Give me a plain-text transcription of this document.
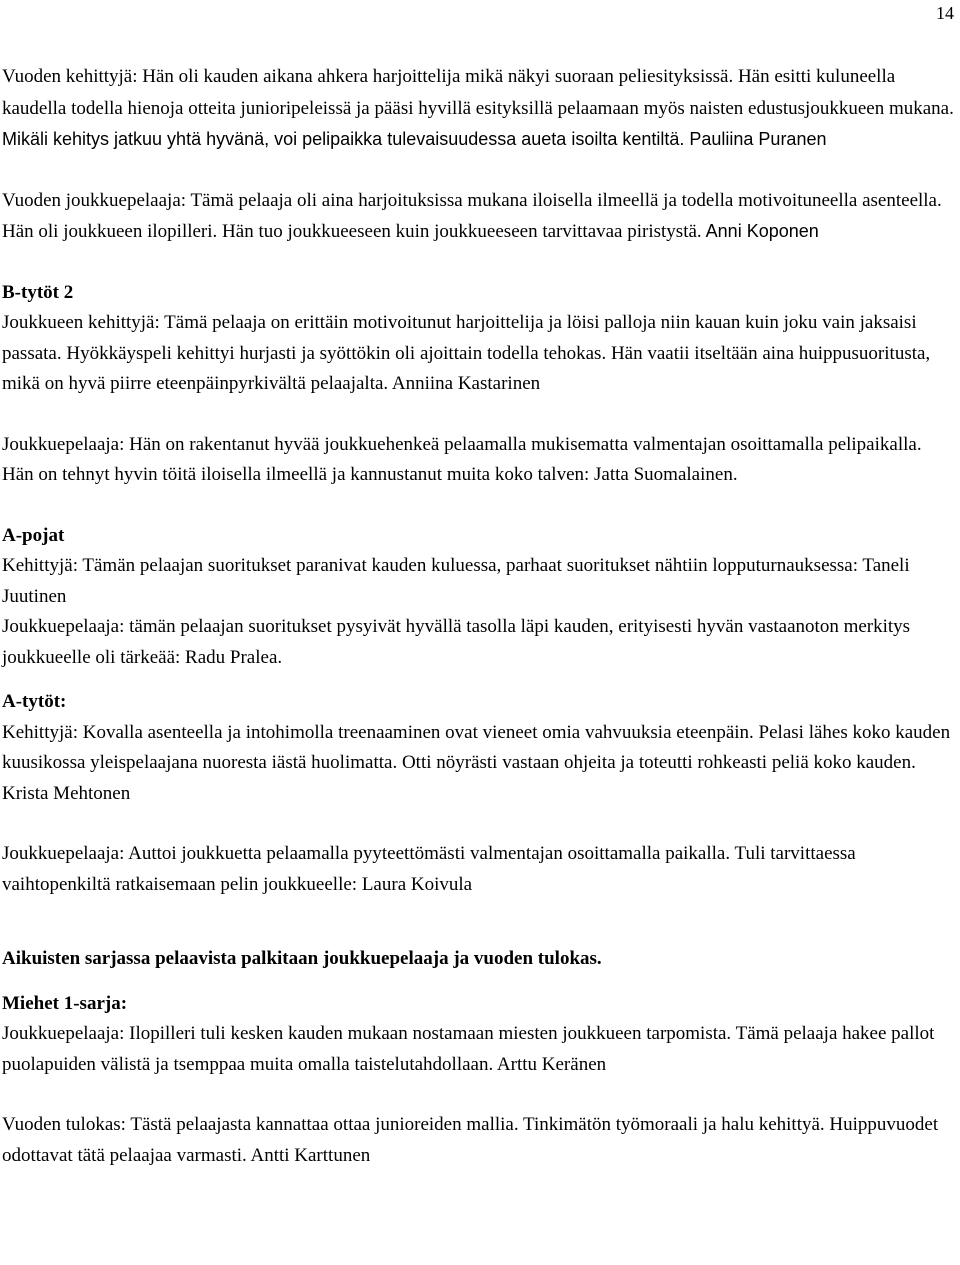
14

Vuoden kehittyjä: Hän oli kauden aikana ahkera harjoittelija mikä näkyi suoraan peliesityksissä. Hän esitti kuluneella kaudella todella hienoja otteita junioripeleissä ja pääsi hyvillä esityksillä pelaamaan myös naisten edustusjoukkueen mukana. Mikäli kehitys jatkuu yhtä hyvänä, voi pelipaikka tulevaisuudessa aueta isoilta kentiltä. Pauliina Puranen

Vuoden joukkuepelaaja: Tämä pelaaja oli aina harjoituksissa mukana iloisella ilmeellä ja todella motivoituneella asenteella. Hän oli joukkueen ilopilleri. Hän tuo joukkueeseen kuin joukkueeseen tarvittavaa piristystä. Anni Koponen

B-tytöt 2

Joukkueen kehittyjä: Tämä pelaaja on erittäin motivoitunut harjoittelija ja löisi palloja niin kauan kuin joku vain jaksaisi passata. Hyökkäyspeli kehittyi hurjasti ja syöttökin oli ajoittain todella tehokas. Hän vaatii itseltään aina huippusuoritusta, mikä on hyvä piirre eteenpäinpyrkivältä pelaajalta. Anniina Kastarinen

Joukkuepelaaja: Hän on rakentanut hyvää joukkuehenkeä pelaamalla mukisematta valmentajan osoittamalla pelipaikalla. Hän on tehnyt hyvin töitä iloisella ilmeellä ja kannustanut muita koko talven: Jatta Suomalainen.

A-pojat

Kehittyjä: Tämän pelaajan suoritukset paranivat kauden kuluessa, parhaat suoritukset nähtiin lopputurnauksessa: Taneli Juutinen

Joukkuepelaaja: tämän pelaajan suoritukset pysyivät hyvällä tasolla läpi kauden, erityisesti hyvän vastaanoton merkitys joukkueelle oli tärkeää: Radu Pralea.

A-tytöt:

Kehittyjä: Kovalla asenteella ja intohimolla treenaaminen ovat vieneet omia vahvuuksia eteenpäin. Pelasi lähes koko kauden kuusikossa yleispelaajana nuoresta iästä huolimatta. Otti nöyrästi vastaan ohjeita ja toteutti rohkeasti peliä koko kauden. Krista Mehtonen

Joukkuepelaaja: Auttoi joukkuetta pelaamalla pyyteettömästi valmentajan osoittamalla paikalla. Tuli tarvittaessa vaihtopenkiltä ratkaisemaan pelin joukkueelle: Laura Koivula

Aikuisten sarjassa pelaavista palkitaan joukkuepelaaja ja vuoden tulokas.

Miehet 1-sarja:

Joukkuepelaaja: Ilopilleri tuli kesken kauden mukaan nostamaan miesten joukkueen tarpomista. Tämä pelaaja hakee pallot puolapuiden välistä ja tsemppaa muita omalla taistelutahdollaan. Arttu Keränen

Vuoden tulokas: Tästä pelaajasta kannattaa ottaa junioreiden mallia. Tinkimätön työmoraali ja halu kehittyä. Huippuvuodet odottavat tätä pelaajaa varmasti. Antti Karttunen
